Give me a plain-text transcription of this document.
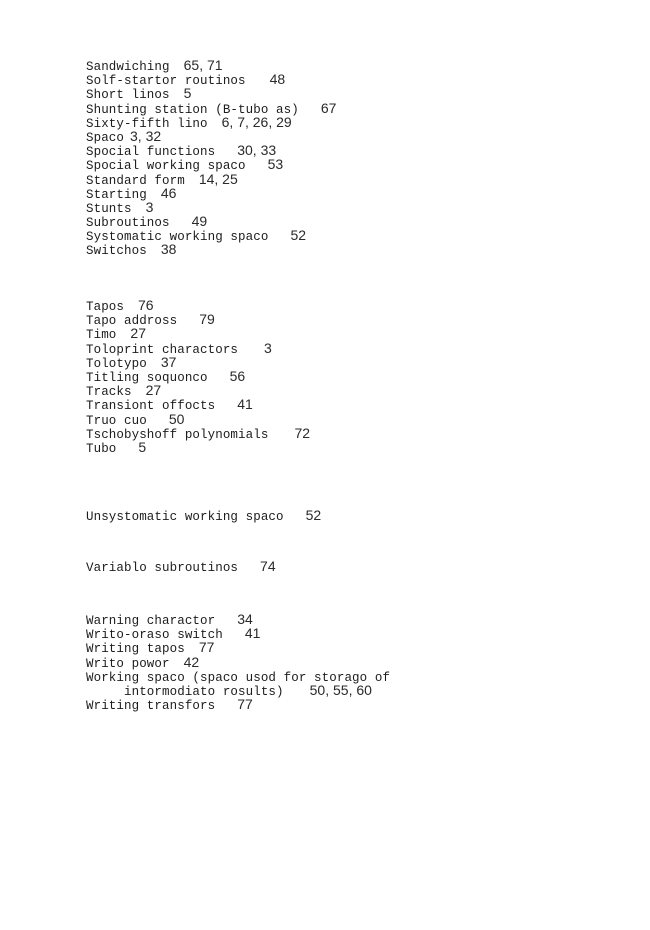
Sandwiching 65, 71
Solf-startor routinos 48
Short linos 5
Shunting station (B-tubo as) 67
Sixty-fifth lino 6, 7, 26, 29
Spaco 3, 32
Spocial functions 30, 33
Spocial working spaco 53
Standard form 14, 25
Starting 46
Stunts 3
Subroutinos 49
Systomatic working spaco 52
Switchos 38
Tapos 76
Tapo addross 79
Timo 27
Toloprint charactors 3
Tolotypo 37
Titling soquonco 56
Tracks 27
Transiont offocts 41
Truo cuo 50
Tschobyshoff polynomials 72
Tubo 5
Unsystomatic working spaco 52
Variablo subroutinos 74
Warning charactor 34
Writo-oraso switch 41
Writing tapos 77
Writo powor 42
Working spaco (spaco usod for storago of
intormodiato rosults) 50, 55, 60
Writing transfors 77
